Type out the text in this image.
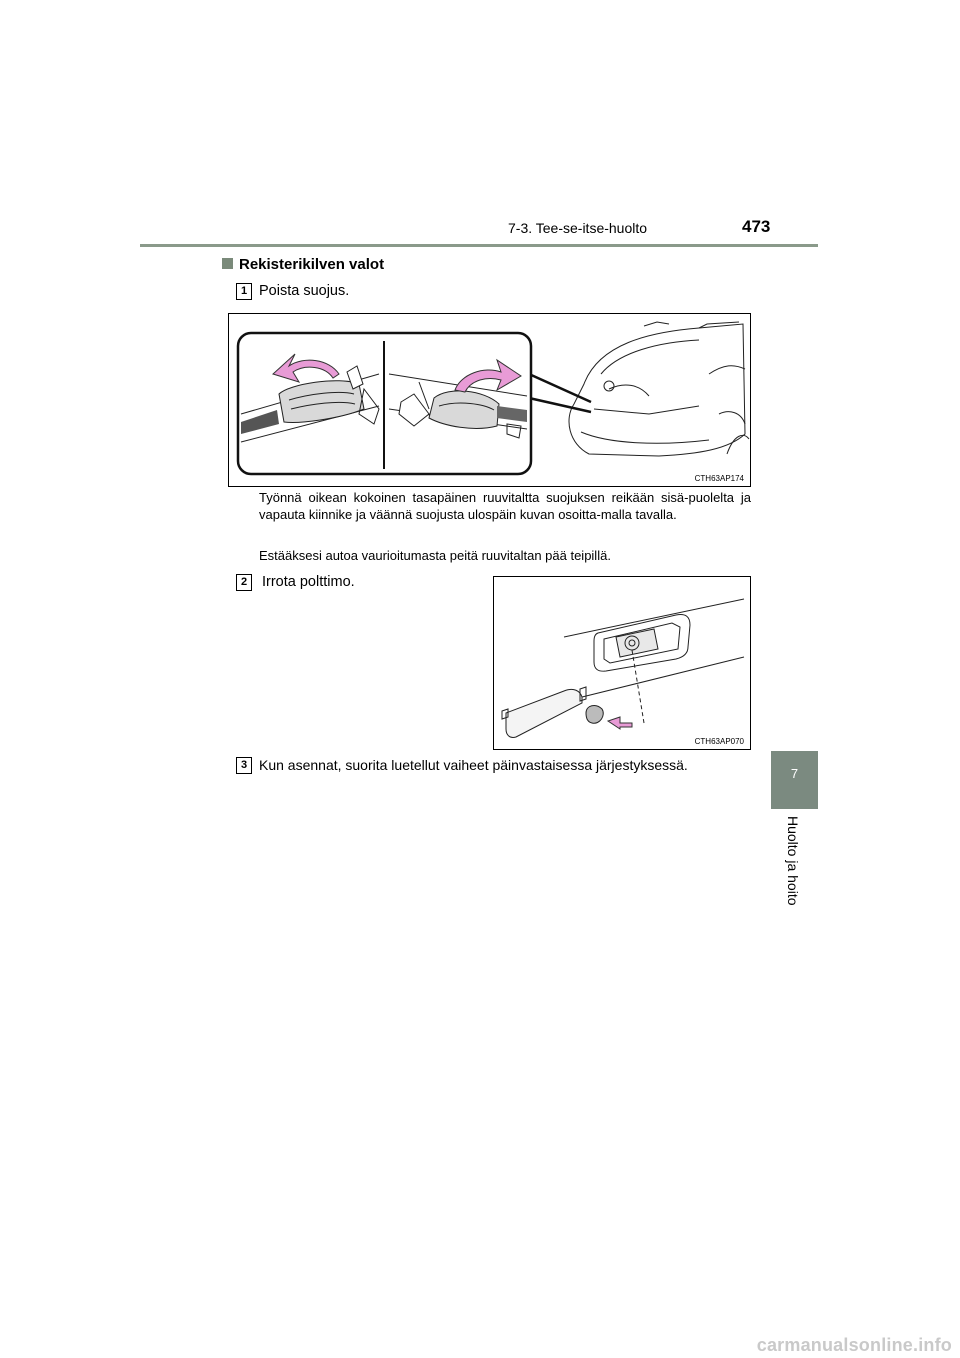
7-3. Tee-se-itse-huolto	473
Rekisterikilven valot
1 Poista suojus.
CTH63AP174
Työnnä oikean kokoinen tasapäinen ruuvitaltta suojuksen reikään sisä-puolelta ja vapauta kiinnike ja väännä suojusta ulospäin kuvan osoitta-malla tavalla.
Estääksesi autoa vaurioitumasta peitä ruuvitaltan pää teipillä.
2	Irrota polttimo.
CTH63AP070
3 Kun asennat, suorita luetellut vaiheet päinvastaisessa järjestyksessä.
7
Huolto ja hoito
carmanualsonline.info
